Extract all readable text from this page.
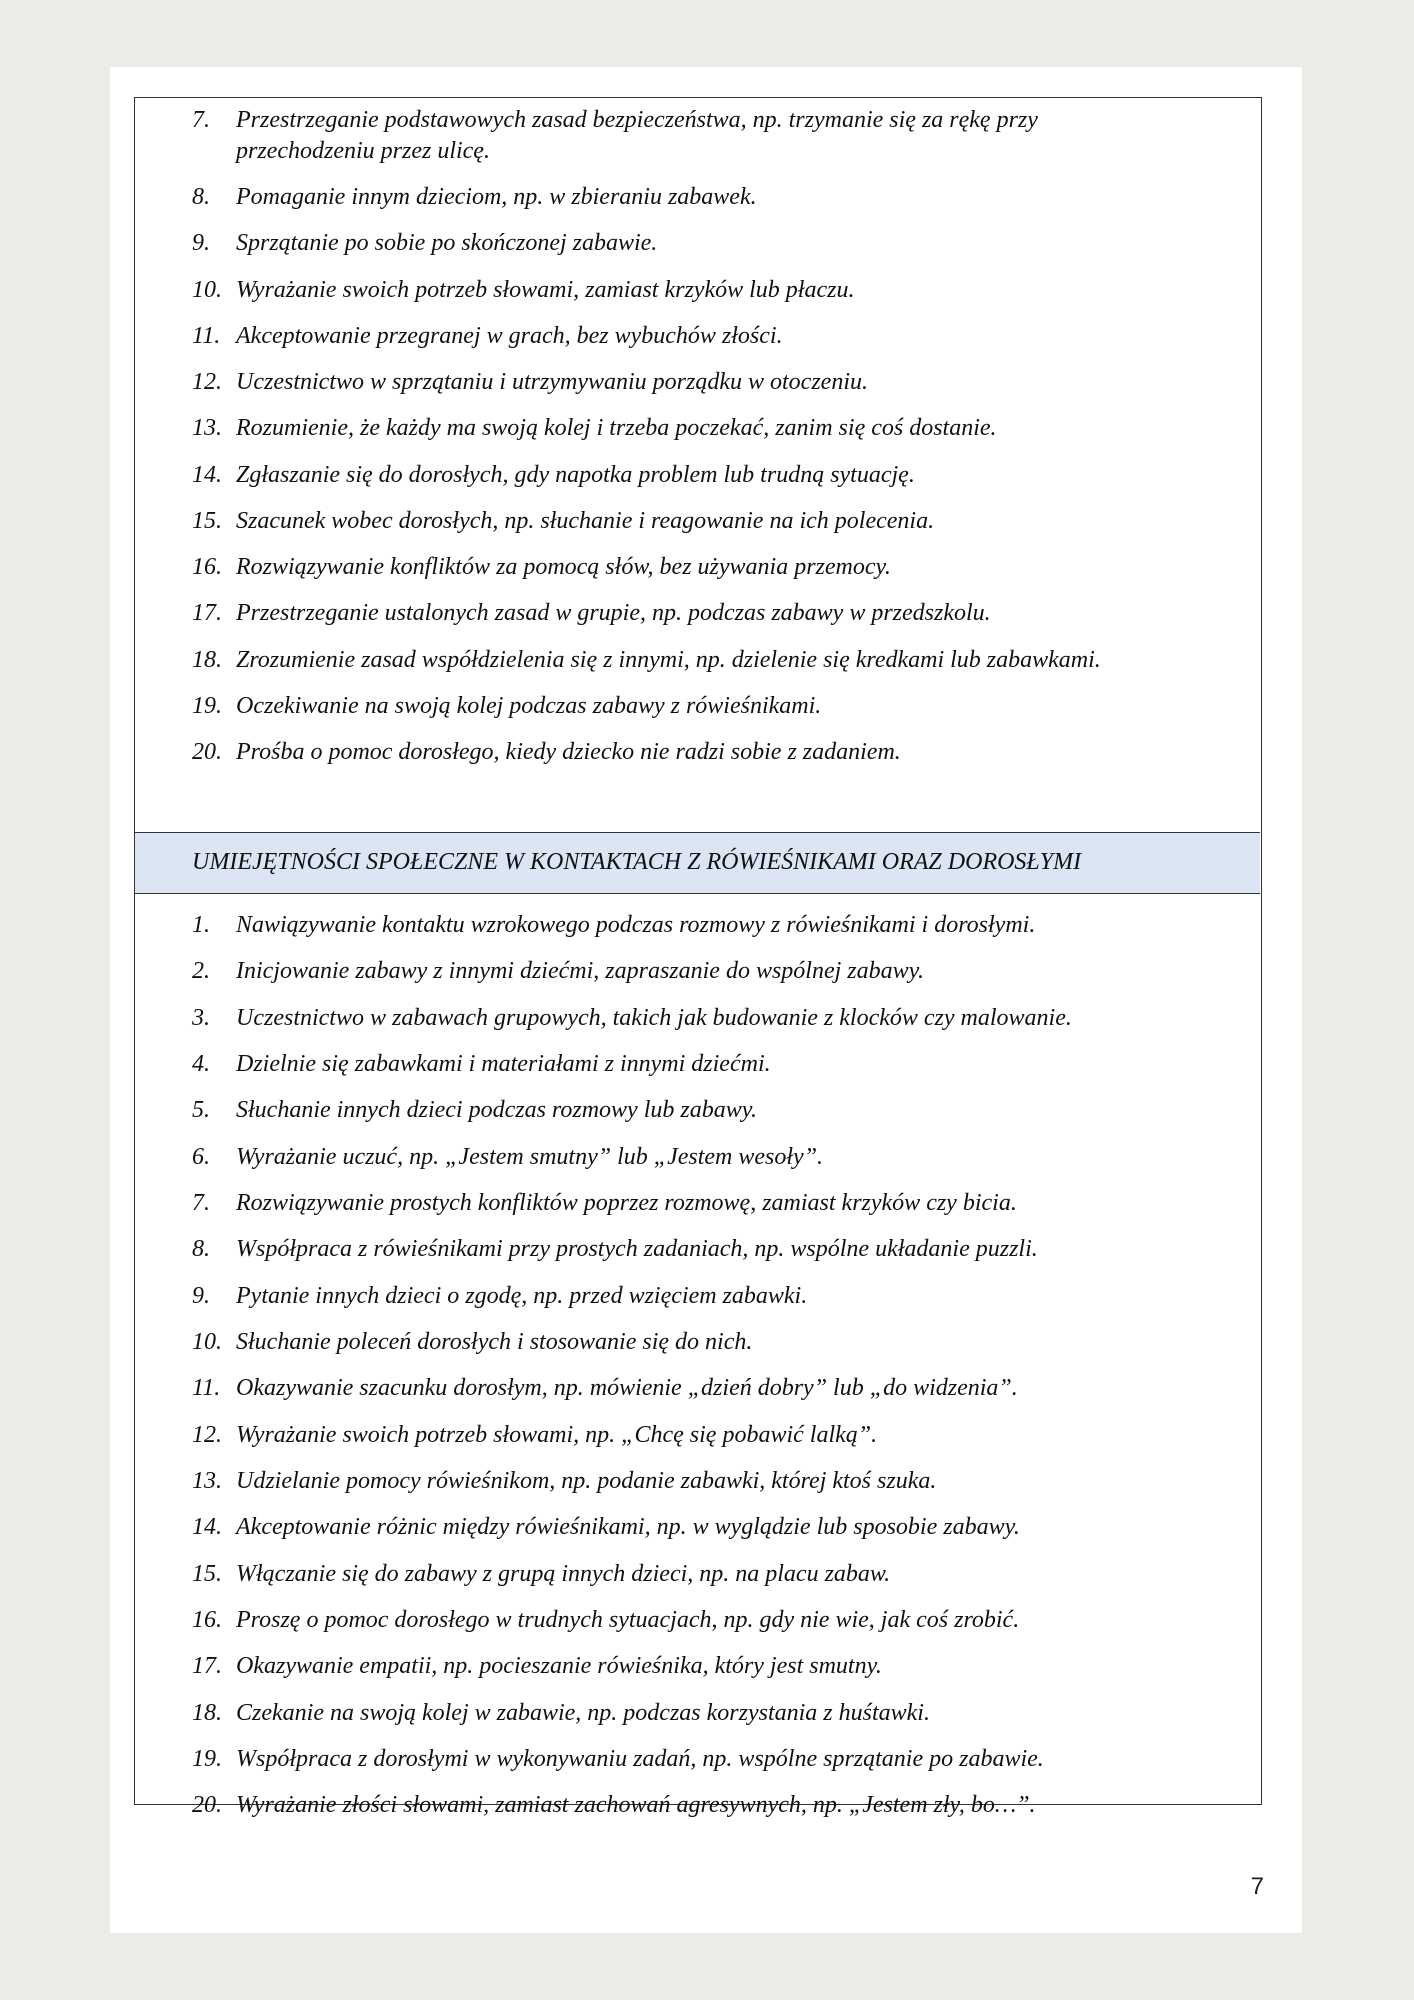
7.	Przestrzeganie podstawowych zasad bezpieczeństwa, np. trzymanie się za rękę przy
przechodzeniu przez ulicę.
8.	Pomaganie innym dzieciom, np. w zbieraniu zabawek.
9.	Sprzątanie po sobie po skończonej zabawie.
10. Wyrażanie swoich potrzeb słowami, zamiast krzyków lub płaczu.
11. Akceptowanie przegranej w grach, bez wybuchów złości.
12. Uczestnictwo w sprzątaniu i utrzymywaniu porządku w otoczeniu.
13. Rozumienie, że każdy ma swoją kolej i trzeba poczekać, zanim się coś dostanie.
14. Zgłaszanie się do dorosłych, gdy napotka problem lub trudną sytuację.
15. Szacunek wobec dorosłych, np. słuchanie i reagowanie na ich polecenia.
16. Rozwiązywanie konfliktów za pomocą słów, bez używania przemocy.
17. Przestrzeganie ustalonych zasad w grupie, np. podczas zabawy w przedszkolu.
18. Zrozumienie zasad współdzielenia się z innymi, np. dzielenie się kredkami lub zabawkami.
19. Oczekiwanie na swoją kolej podczas zabawy z rówieśnikami.
20. Prośba o pomoc dorosłego, kiedy dziecko nie radzi sobie z zadaniem.
UMIEJĘTNOŚCI SPOŁECZNE W KONTAKTACH Z RÓWIEŚNIKAMI ORAZ DOROSŁYMI
1.	Nawiązywanie kontaktu wzrokowego podczas rozmowy z rówieśnikami i dorosłymi.
2.	Inicjowanie zabawy z innymi dziećmi, zapraszanie do wspólnej zabawy.
3.	Uczestnictwo w zabawach grupowych, takich jak budowanie z klocków czy malowanie.
4.	Dzielnie się zabawkami i materiałami z innymi dziećmi.
5.	Słuchanie innych dzieci podczas rozmowy lub zabawy.
6.	Wyrażanie uczuć, np. „Jestem smutny” lub „Jestem wesoły”.
7.	Rozwiązywanie prostych konfliktów poprzez rozmowę, zamiast krzyków czy bicia.
8.	Współpraca z rówieśnikami przy prostych zadaniach, np. wspólne układanie puzzli.
9.	Pytanie innych dzieci o zgodę, np. przed wzięciem zabawki.
10. Słuchanie poleceń dorosłych i stosowanie się do nich.
11. Okazywanie szacunku dorosłym, np. mówienie „dzień dobry” lub „do widzenia”.
12. Wyrażanie swoich potrzeb słowami, np. „Chcę się pobawić lalką”.
13. Udzielanie pomocy rówieśnikom, np. podanie zabawki, której ktoś szuka.
14. Akceptowanie różnic między rówieśnikami, np. w wyglądzie lub sposobie zabawy.
15. Włączanie się do zabawy z grupą innych dzieci, np. na placu zabaw.
16. Proszę o pomoc dorosłego w trudnych sytuacjach, np. gdy nie wie, jak coś zrobić.
17. Okazywanie empatii, np. pocieszanie rówieśnika, który jest smutny.
18. Czekanie na swoją kolej w zabawie, np. podczas korzystania z huśtawki.
19. Współpraca z dorosłymi w wykonywaniu zadań, np. wspólne sprzątanie po zabawie.
20. Wyrażanie złości słowami, zamiast zachowań agresywnych, np. „Jestem zły, bo…”.
7
